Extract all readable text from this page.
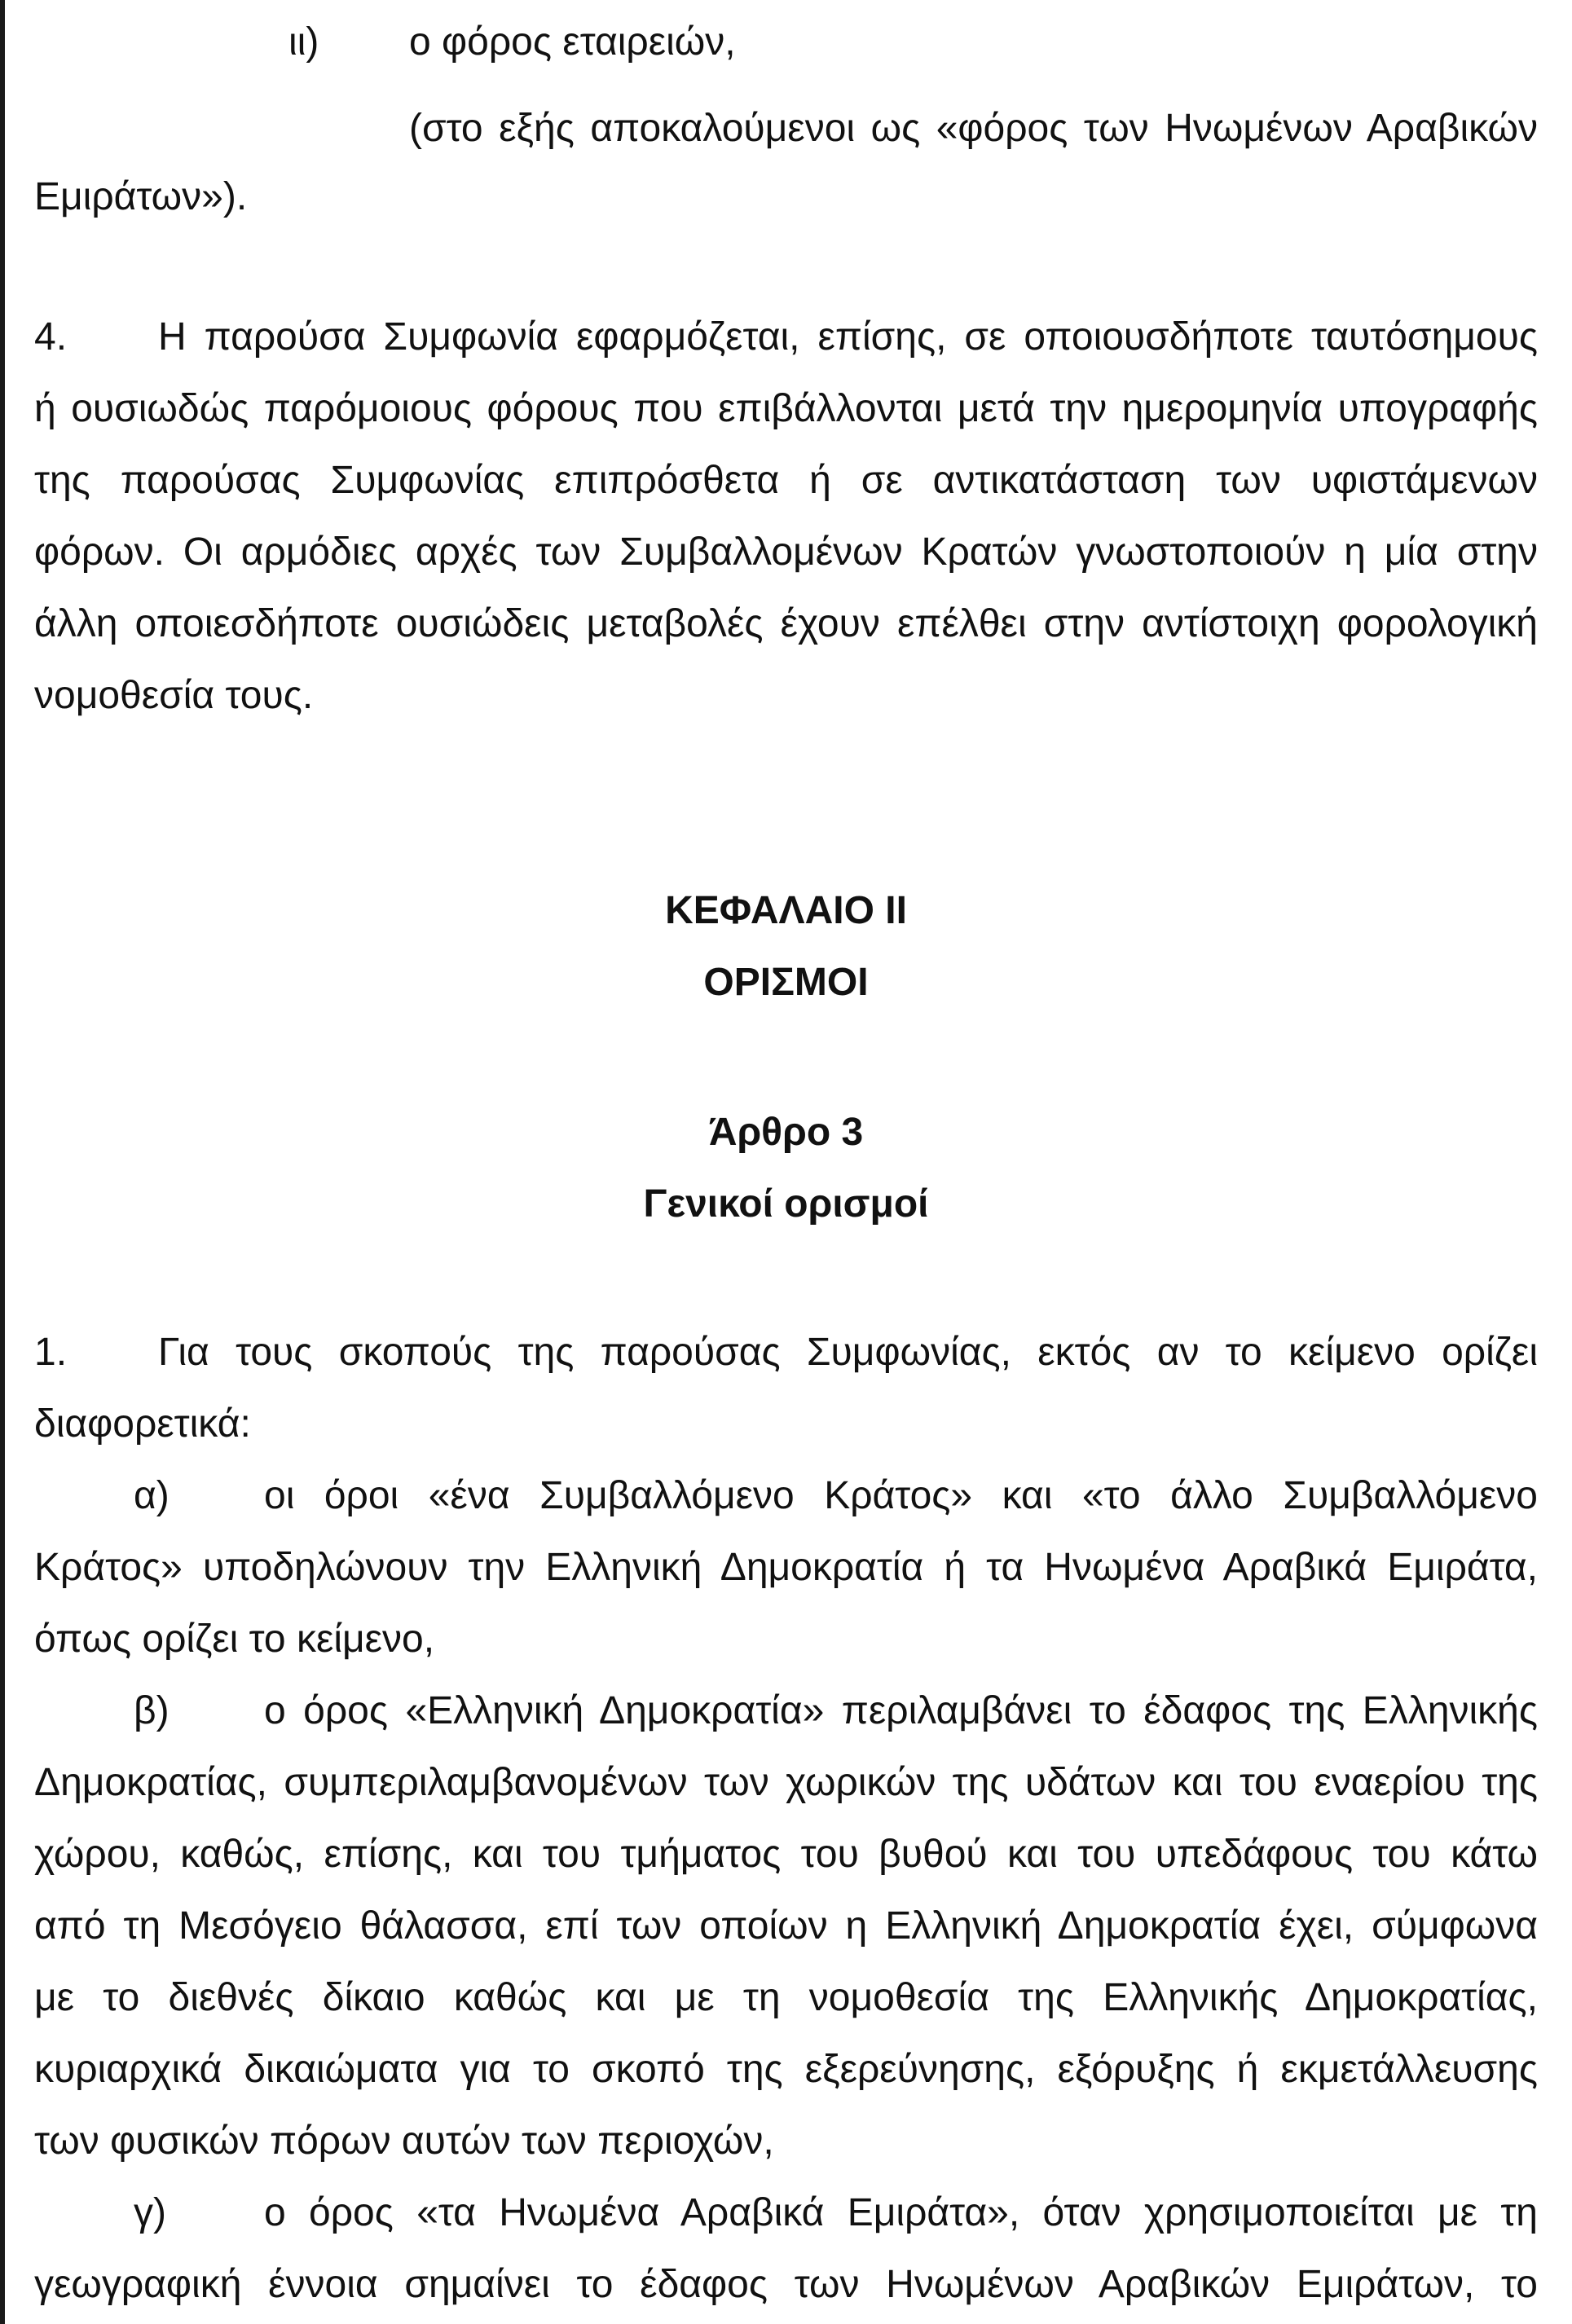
ιι) ο φόρος εταιρειών,
(στο εξής αποκαλούμενοι ως «φόρος των Ηνωμένων Αραβικών
Εμιράτων»).
4. Η παρούσα Συμφωνία εφαρμόζεται, επίσης, σε οποιουσδήποτε ταυτόσημους
ή ουσιωδώς παρόμοιους φόρους που επιβάλλονται μετά την ημερομηνία υπογραφής
της παρούσας Συμφωνίας επιπρόσθετα ή σε αντικατάσταση των υφιστάμενων
φόρων. Οι αρμόδιες αρχές των Συμβαλλομένων Κρατών γνωστοποιούν η μία στην
άλλη οποιεσδήποτε ουσιώδεις μεταβολές έχουν επέλθει στην αντίστοιχη φορολογική
νομοθεσία τους.
ΚΕΦΑΛΑΙΟ ΙΙ
ΟΡΙΣΜΟΙ
Άρθρο 3
Γενικοί ορισμοί
1. Για τους σκοπούς της παρούσας Συμφωνίας, εκτός αν το κείμενο ορίζει
διαφορετικά:
α) οι όροι «ένα Συμβαλλόμενο Κράτος» και «το άλλο Συμβαλλόμενο
Κράτος» υποδηλώνουν την Ελληνική Δημοκρατία ή τα Ηνωμένα Αραβικά Εμιράτα,
όπως ορίζει το κείμενο,
β) ο όρος «Ελληνική Δημοκρατία» περιλαμβάνει το έδαφος της Ελληνικής
Δημοκρατίας, συμπεριλαμβανομένων των χωρικών της υδάτων και του εναερίου της
χώρου, καθώς, επίσης, και του τμήματος του βυθού και του υπεδάφους του κάτω
από τη Μεσόγειο θάλασσα, επί των οποίων η Ελληνική Δημοκρατία έχει, σύμφωνα
με το διεθνές δίκαιο καθώς και με τη νομοθεσία της Ελληνικής Δημοκρατίας,
κυριαρχικά δικαιώματα για το σκοπό της εξερεύνησης, εξόρυξης ή εκμετάλλευσης
των φυσικών πόρων αυτών των περιοχών,
γ)	ο όρος «τα Ηνωμένα Αραβικά Εμιράτα», όταν χρησιμοποιείται με τη
γεωγραφική έννοια σημαίνει το έδαφος των Ηνωμένων Αραβικών Εμιράτων, το
